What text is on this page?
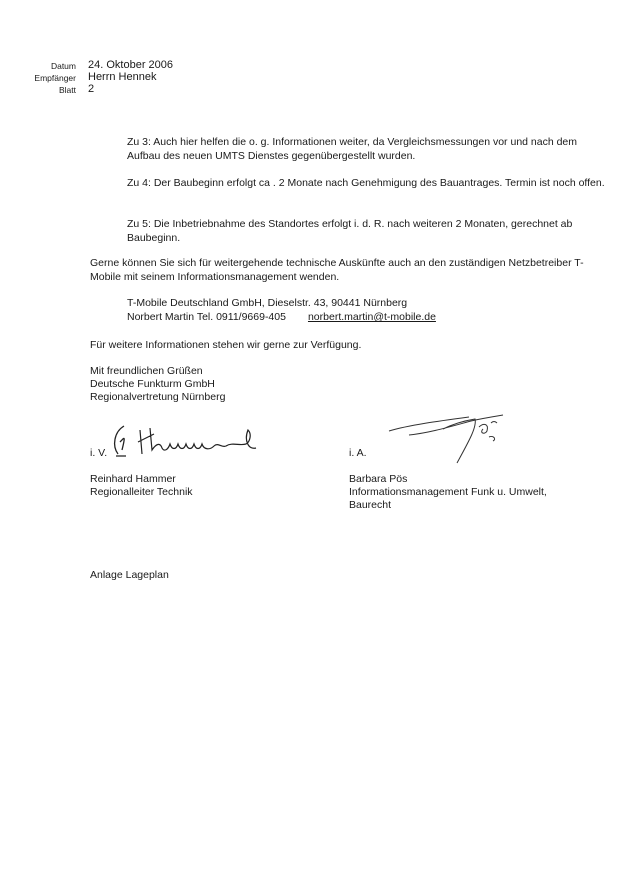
Datum	24. Oktober 2006
Empfänger	Herrn Hennek
Blatt	2

Zu 3: Auch hier helfen die o. g. Informationen weiter, da Vergleichsmessungen vor und nach dem Aufbau des neuen UMTS Dienstes gegenübergestellt wurden.

Zu 4: Der Baubeginn erfolgt ca . 2 Monate nach Genehmigung des Bauantrages. Termin ist noch offen.

Zu 5: Die Inbetriebnahme des Standortes erfolgt i. d. R. nach weiteren 2 Monaten, gerechnet ab Baubeginn.

Gerne können Sie sich für weitergehende technische Auskünfte auch an den zuständigen Netzbetreiber T-Mobile mit seinem Informationsmanagement wenden.

T-Mobile Deutschland GmbH, Dieselstr. 43, 90441 Nürnberg
Norbert Martin Tel. 0911/9669-405 norbert.martin@t-mobile.de

Für weitere Informationen stehen wir gerne zur Verfügung.

Mit freundlichen Grüßen
Deutsche Funkturm GmbH
Regionalvertretung Nürnberg
i. V.	i. A.
Reinhard Hammer
Regionalleiter Technik
Barbara Pös
Informationsmanagement Funk u. Umwelt,
Baurecht
Anlage Lageplan
